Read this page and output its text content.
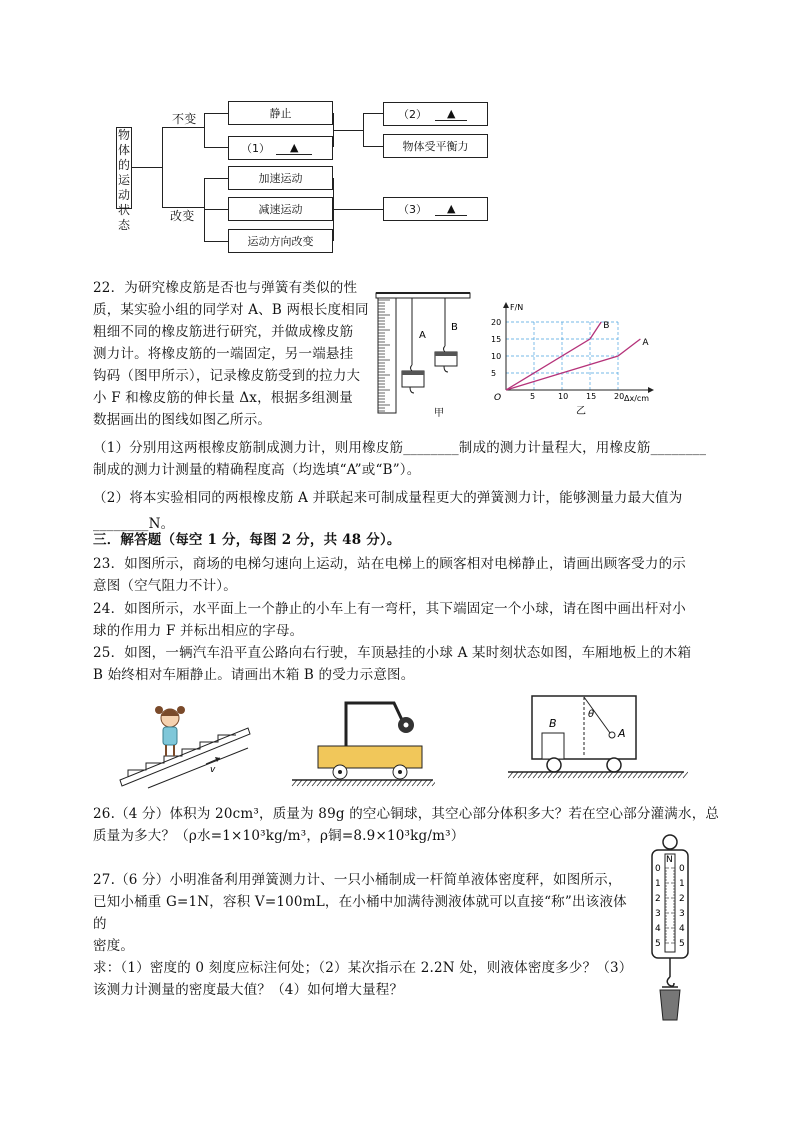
物体的运动状态
不变
改变
静止
（1）	▲
（2）	▲
物体受平衡力
加速运动
减速运动
运动方向改变
（3）	▲
22．为研究橡皮筋是否也与弹簧有类似的性
质，某实验小组的同学对 A、B 两根长度相同
粗细不同的橡皮筋进行研究，并做成橡皮筋
测力计。将橡皮筋的一端固定，另一端悬挂
钩码（图甲所示），记录橡皮筋受到的拉力大
小 F 和橡皮筋的伸长量 Δx，根据多组测量
数据画出的图线如图乙所示。
A
B
甲
5	10 15 20
5
10
15
20
A
B
O	Δx/cm
F/N
乙
（1）分别用这两根橡皮筋制成测力计，则用橡皮筋________制成的测力计量程大，用橡皮筋________
制成的测力计测量的精确程度高（均选填“A”或“B”）。
（2）将本实验相同的两根橡皮筋 A 并联起来可制成量程更大的弹簧测力计，能够测量力最大值为
________N。
三．解答题（每空 1 分，每图 2 分，共 48 分）。
23．如图所示，商场的电梯匀速向上运动，站在电梯上的顾客相对电梯静止，请画出顾客受力的示
意图（空气阻力不计）。
24．如图所示，水平面上一个静止的小车上有一弯杆，其下端固定一个小球，请在图中画出杆对小
球的作用力 F 并标出相应的字母。
25．如图，一辆汽车沿平直公路向右行驶，车顶悬挂的小球 A 某时刻状态如图，车厢地板上的木箱
B 始终相对车厢静止。请画出木箱 B 的受力示意图。
v
θ
A
B
26.（4 分）体积为 20cm³，质量为 89g 的空心铜球，其空心部分体积多大？若在空心部分灌满水，总
质量为多大？（ρ水=1×10³kg/m³，ρ铜=8.9×10³kg/m³）
27.（6 分）小明准备利用弹簧测力计、一只小桶制成一杆简单液体密度秤，如图所示，
已知小桶重 G=1N，容积 V=100mL，在小桶中加满待测液体就可以直接“称”出该液体的
密度。
求：（1）密度的 0 刻度应标注何处；（2）某次指示在 2.2N 处，则液体密度多少？（3）
该测力计测量的密度最大值？（4）如何增大量程？
N
0
1
2
3
4
5
0
1
2
3
4
5
